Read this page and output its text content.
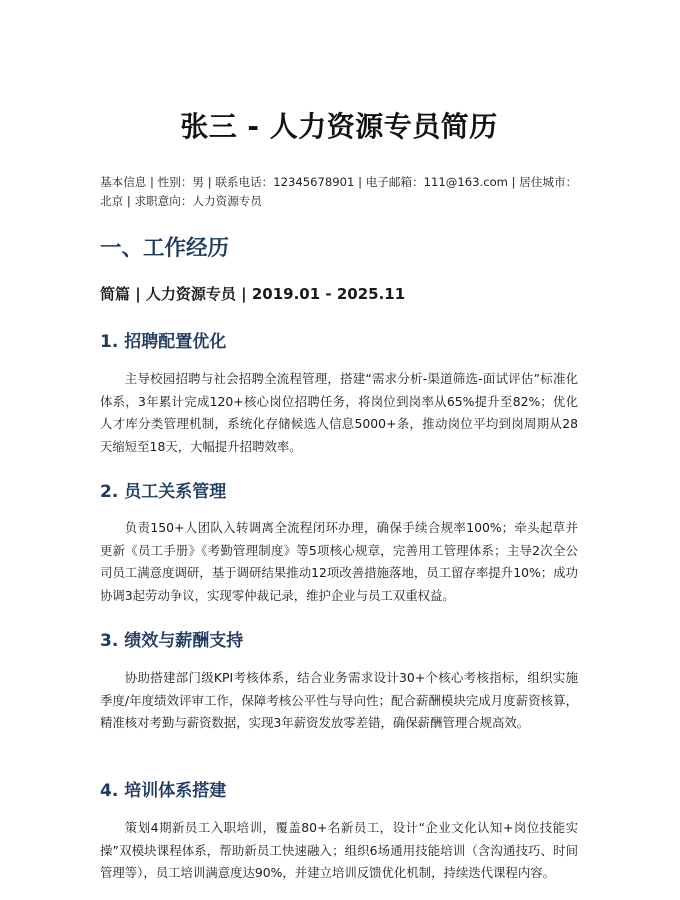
张三 - 人力资源专员简历

基本信息 | 性别：男 | 联系电话：12345678901 | 电子邮箱：111@163.com | 居住城市：北京 | 求职意向：人力资源专员

一、工作经历

简篇 | 人力资源专员 | 2019.01 - 2025.11

1. 招聘配置优化

主导校园招聘与社会招聘全流程管理，搭建“需求分析-渠道筛选-面试评估”标准化体系，3年累计完成120+核心岗位招聘任务，将岗位到岗率从65%提升至82%；优化人才库分类管理机制，系统化存储候选人信息5000+条，推动岗位平均到岗周期从28天缩短至18天，大幅提升招聘效率。

2. 员工关系管理

负责150+人团队入转调离全流程闭环办理，确保手续合规率100%；牵头起草并更新《员工手册》《考勤管理制度》等5项核心规章，完善用工管理体系；主导2次全公司员工满意度调研，基于调研结果推动12项改善措施落地，员工留存率提升10%；成功协调3起劳动争议，实现零仲裁记录，维护企业与员工双重权益。

3. 绩效与薪酬支持

协助搭建部门级KPI考核体系，结合业务需求设计30+个核心考核指标，组织实施季度/年度绩效评审工作，保障考核公平性与导向性；配合薪酬模块完成月度薪资核算，精准核对考勤与薪资数据，实现3年薪资发放零差错，确保薪酬管理合规高效。

4. 培训体系搭建

策划4期新员工入职培训，覆盖80+名新员工，设计“企业文化认知+岗位技能实操”双模块课程体系，帮助新员工快速融入；组织6场通用技能培训（含沟通技巧、时间管理等），员工培训满意度达90%，并建立培训反馈优化机制，持续迭代课程内容。
